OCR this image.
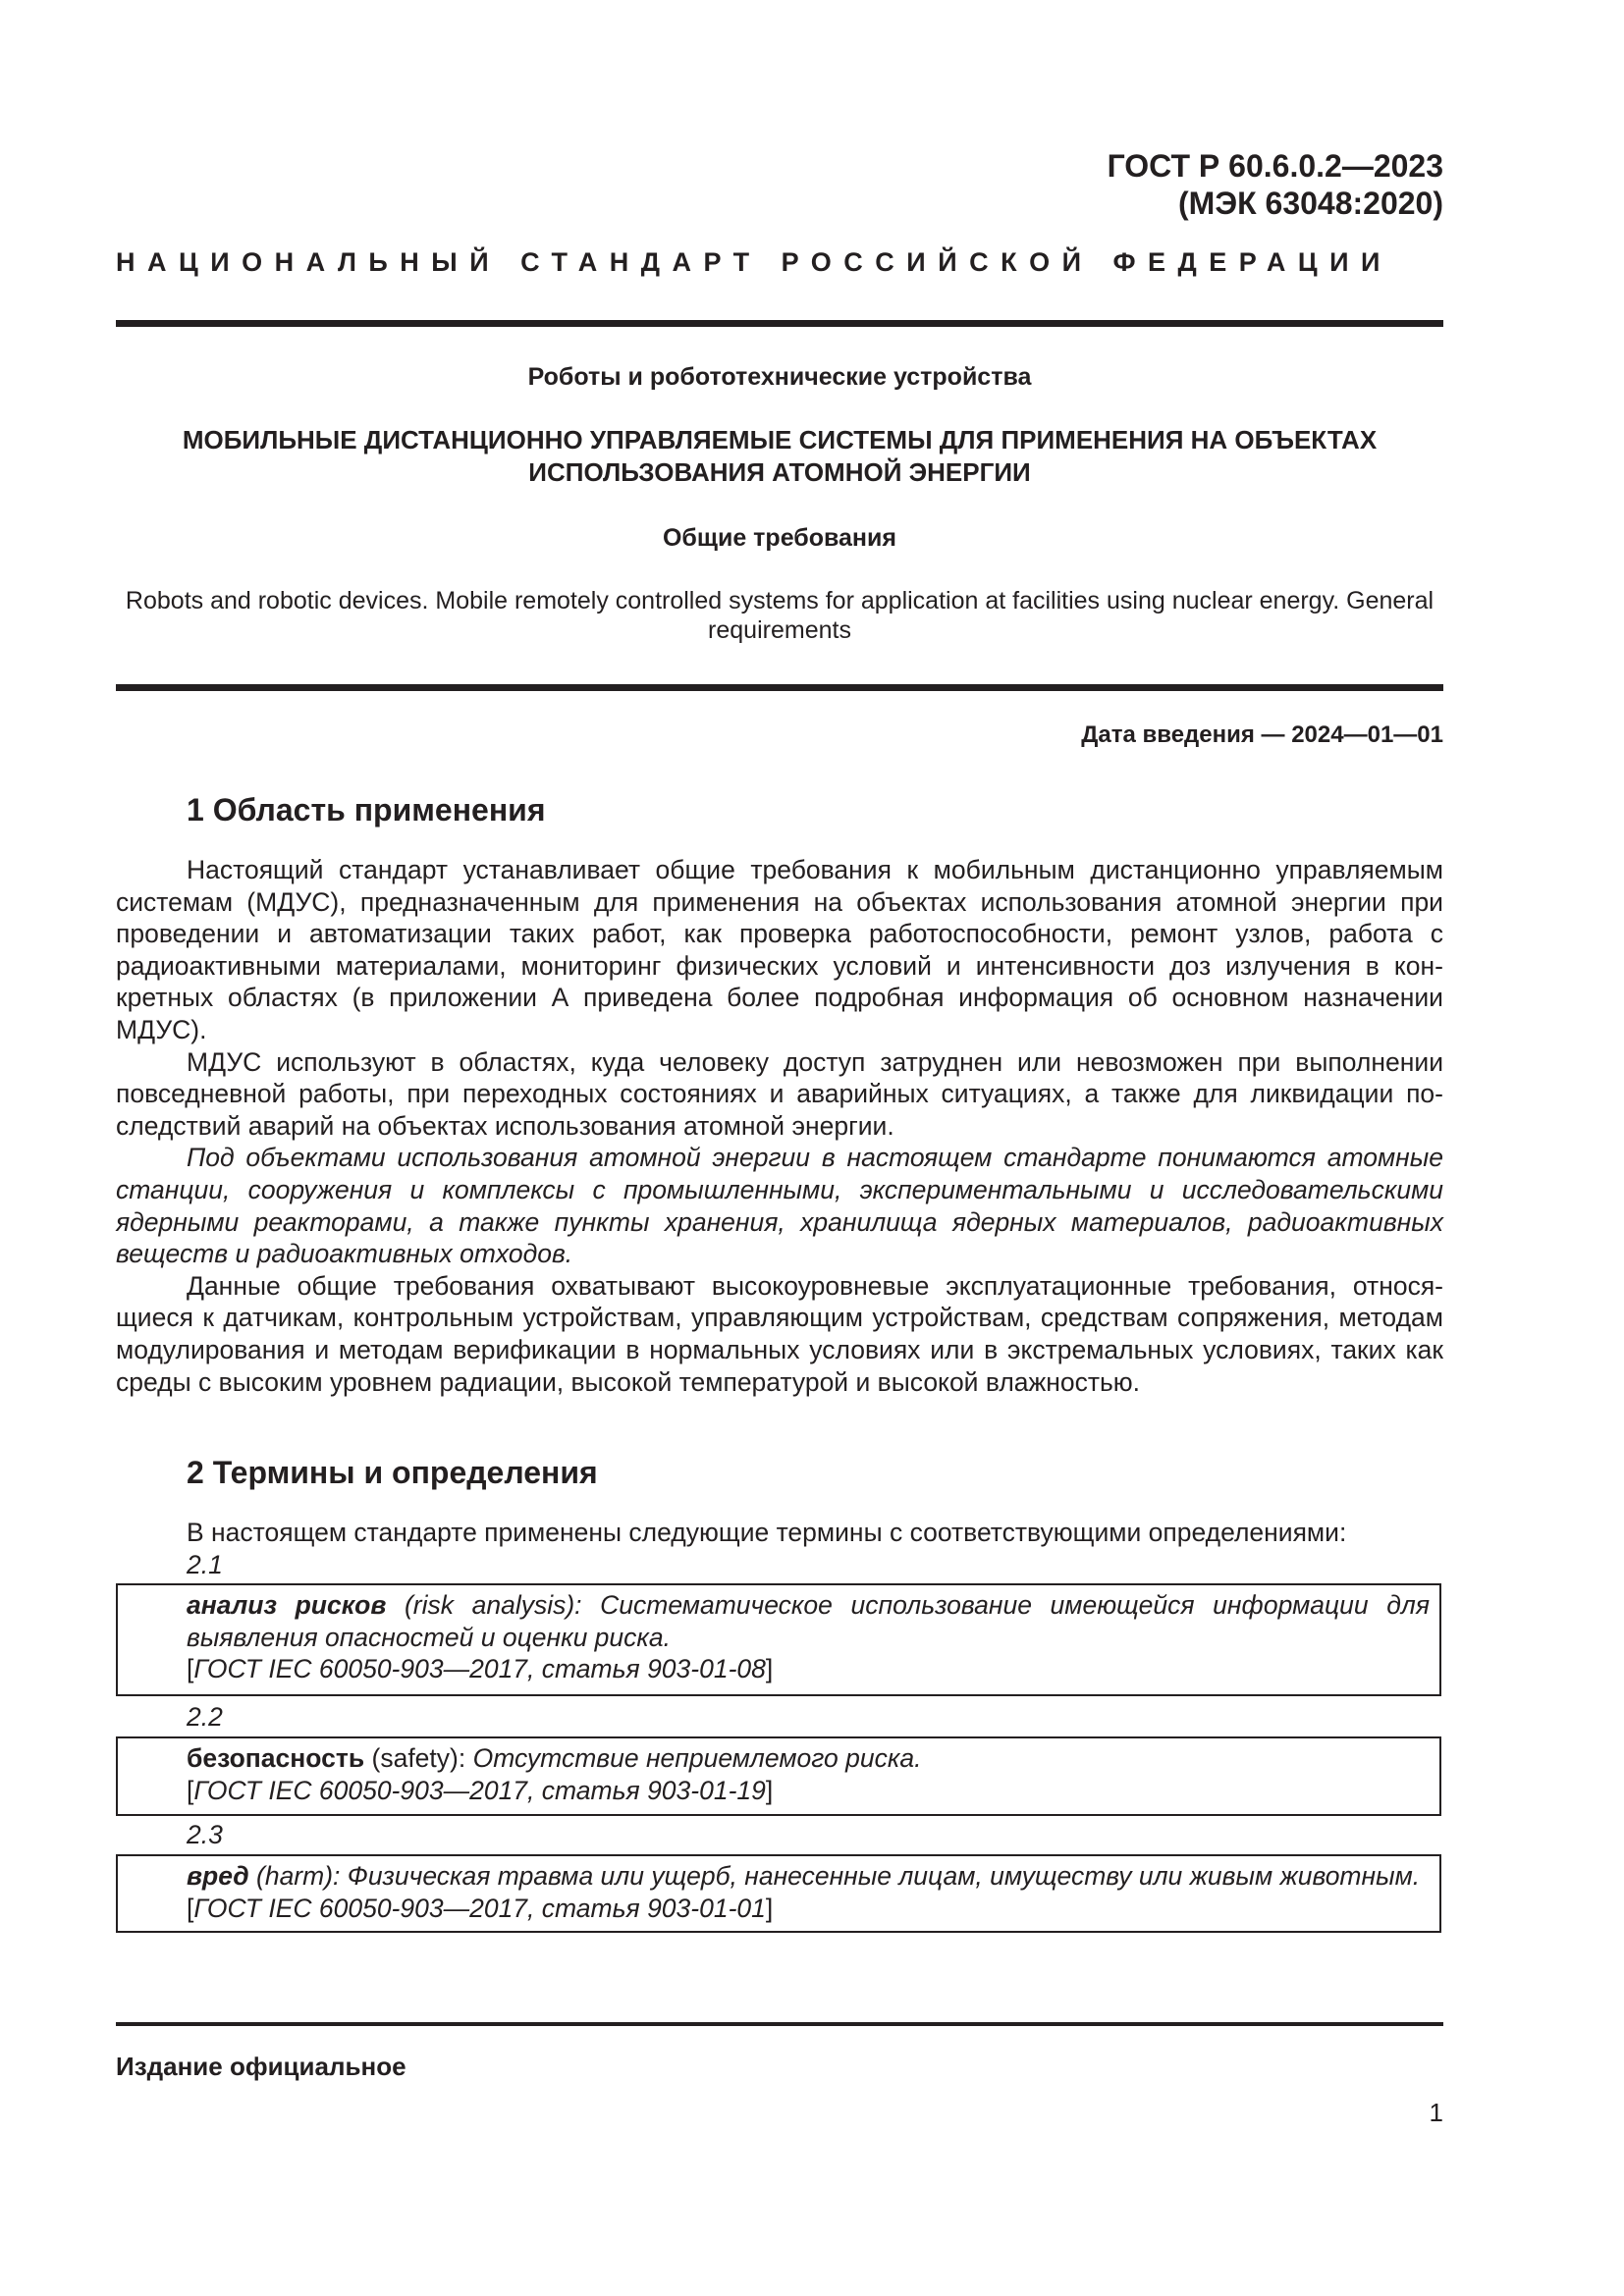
ГОСТ Р 60.6.0.2—2023
(МЭК 63048:2020)
НАЦИОНАЛЬНЫЙ СТАНДАРТ РОССИЙСКОЙ ФЕДЕРАЦИИ
Роботы и робототехнические устройства
МОБИЛЬНЫЕ ДИСТАНЦИОННО УПРАВЛЯЕМЫЕ СИСТЕМЫ ДЛЯ ПРИМЕНЕНИЯ НА ОБЪЕКТАХ
ИСПОЛЬЗОВАНИЯ АТОМНОЙ ЭНЕРГИИ
Общие требования
Robots and robotic devices. Mobile remotely controlled systems for application at facilities using nuclear energy. General
requirements
Дата введения — 2024—01—01
1 Область применения

Настоящий стандарт устанавливает общие требования к мобильным дистанционно управляемым системам (МДУС), предназначенным для применения на объектах использования атомной энергии при проведении и автоматизации таких работ, как проверка работоспособности, ремонт узлов, работа с радиоактивными материалами, мониторинг физических условий и интенсивности доз излучения в конкретных областях (в приложении А приведена более подробная информация об основном назначении МДУС).

МДУС используют в областях, куда человеку доступ затруднен или невозможен при выполнении повседневной работы, при переходных состояниях и аварийных ситуациях, а также для ликвидации последствий аварий на объектах использования атомной энергии.

Под объектами использования атомной энергии в настоящем стандарте понимаются атомные станции, сооружения и комплексы с промышленными, экспериментальными и исследовательскими ядерными реакторами, а также пункты хранения, хранилища ядерных материалов, радиоактивных веществ и радиоактивных отходов.

Данные общие требования охватывают высокоуровневые эксплуатационные требования, относящиеся к датчикам, контрольным устройствам, управляющим устройствам, средствам сопряжения, методам модулирования и методам верификации в нормальных условиях или в экстремальных условиях, таких как среды с высоким уровнем радиации, высокой температурой и высокой влажностью.

2 Термины и определения

В настоящем стандарте применены следующие термины с соответствующими определениями:

2.1

анализ рисков (risk analysis): Систематическое использование имеющейся информации для выявления опасностей и оценки риска.

[ГОСТ IEC 60050-903—2017, статья 903-01-08]

2.2

безопасность (safety): Отсутствие неприемлемого риска.

[ГОСТ IEC 60050-903—2017, статья 903-01-19]

2.3

вред (harm): Физическая травма или ущерб, нанесенные лицам, имуществу или живым животным.

[ГОСТ IEC 60050-903—2017, статья 903-01-01]

Издание официальное
1
